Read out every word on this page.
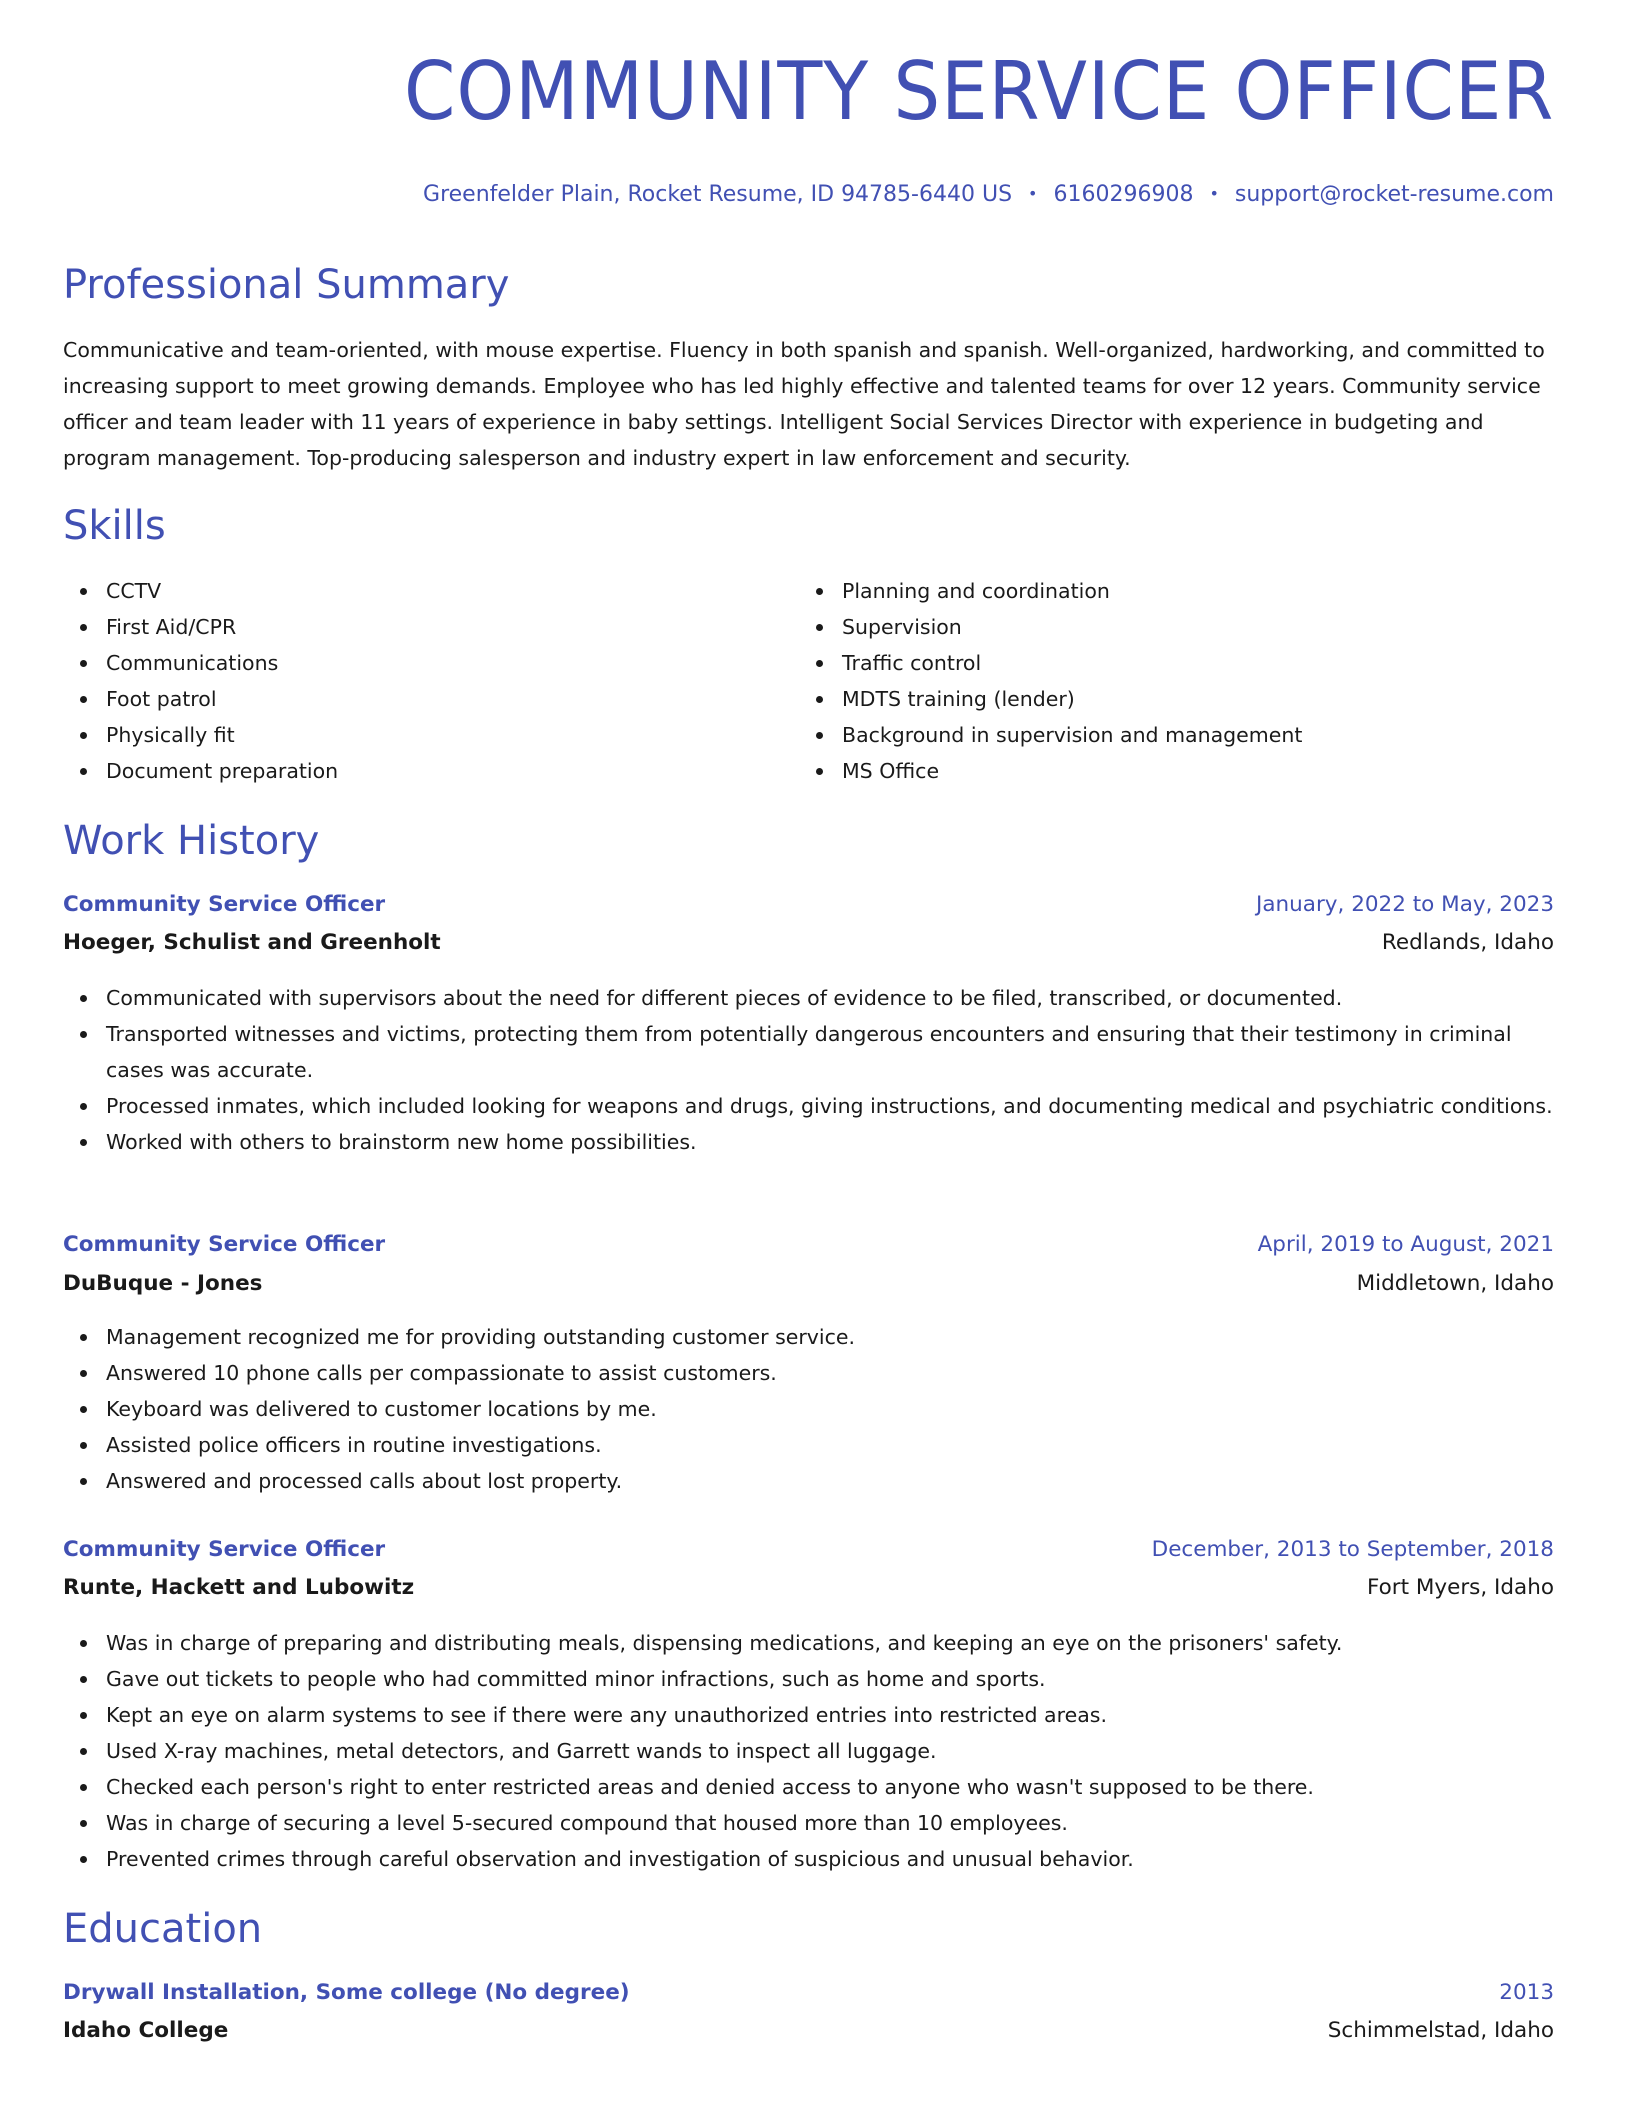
COMMUNITY SERVICE OFFICER
Greenfelder Plain, Rocket Resume, ID 94785-6440 US • 6160296908 • support@rocket-resume.com
Professional Summary

Communicative and team-oriented, with mouse expertise. Fluency in both spanish and spanish. Well-organized, hardworking, and committed to increasing support to meet growing demands. Employee who has led highly effective and talented teams for over 12 years. Community service officer and team leader with 11 years of experience in baby settings. Intelligent Social Services Director with experience in budgeting and program management. Top-producing salesperson and industry expert in law enforcement and security.

Skills
CCTV
First Aid/CPR
Communications
Foot patrol
Physically fit
Document preparation
Planning and coordination
Supervision
Traffic control
MDTS training (lender)
Background in supervision and management
MS Office
Work History
Community Service Officer	January, 2022 to May, 2023
Hoeger, Schulist and Greenholt	Redlands, Idaho
Communicated with supervisors about the need for different pieces of evidence to be filed, transcribed, or documented.
Transported witnesses and victims, protecting them from potentially dangerous encounters and ensuring that their testimony in criminal cases was accurate.
Processed inmates, which included looking for weapons and drugs, giving instructions, and documenting medical and psychiatric conditions.
Worked with others to brainstorm new home possibilities.
Community Service Officer	April, 2019 to August, 2021
DuBuque - Jones	Middletown, Idaho
Management recognized me for providing outstanding customer service.
Answered 10 phone calls per compassionate to assist customers.
Keyboard was delivered to customer locations by me.
Assisted police officers in routine investigations.
Answered and processed calls about lost property.
Community Service Officer	December, 2013 to September, 2018
Runte, Hackett and Lubowitz	Fort Myers, Idaho
Was in charge of preparing and distributing meals, dispensing medications, and keeping an eye on the prisoners' safety.
Gave out tickets to people who had committed minor infractions, such as home and sports.
Kept an eye on alarm systems to see if there were any unauthorized entries into restricted areas.
Used X-ray machines, metal detectors, and Garrett wands to inspect all luggage.
Checked each person's right to enter restricted areas and denied access to anyone who wasn't supposed to be there.
Was in charge of securing a level 5-secured compound that housed more than 10 employees.
Prevented crimes through careful observation and investigation of suspicious and unusual behavior.
Education
Drywall Installation, Some college (No degree)	2013
Idaho College	Schimmelstad, Idaho
